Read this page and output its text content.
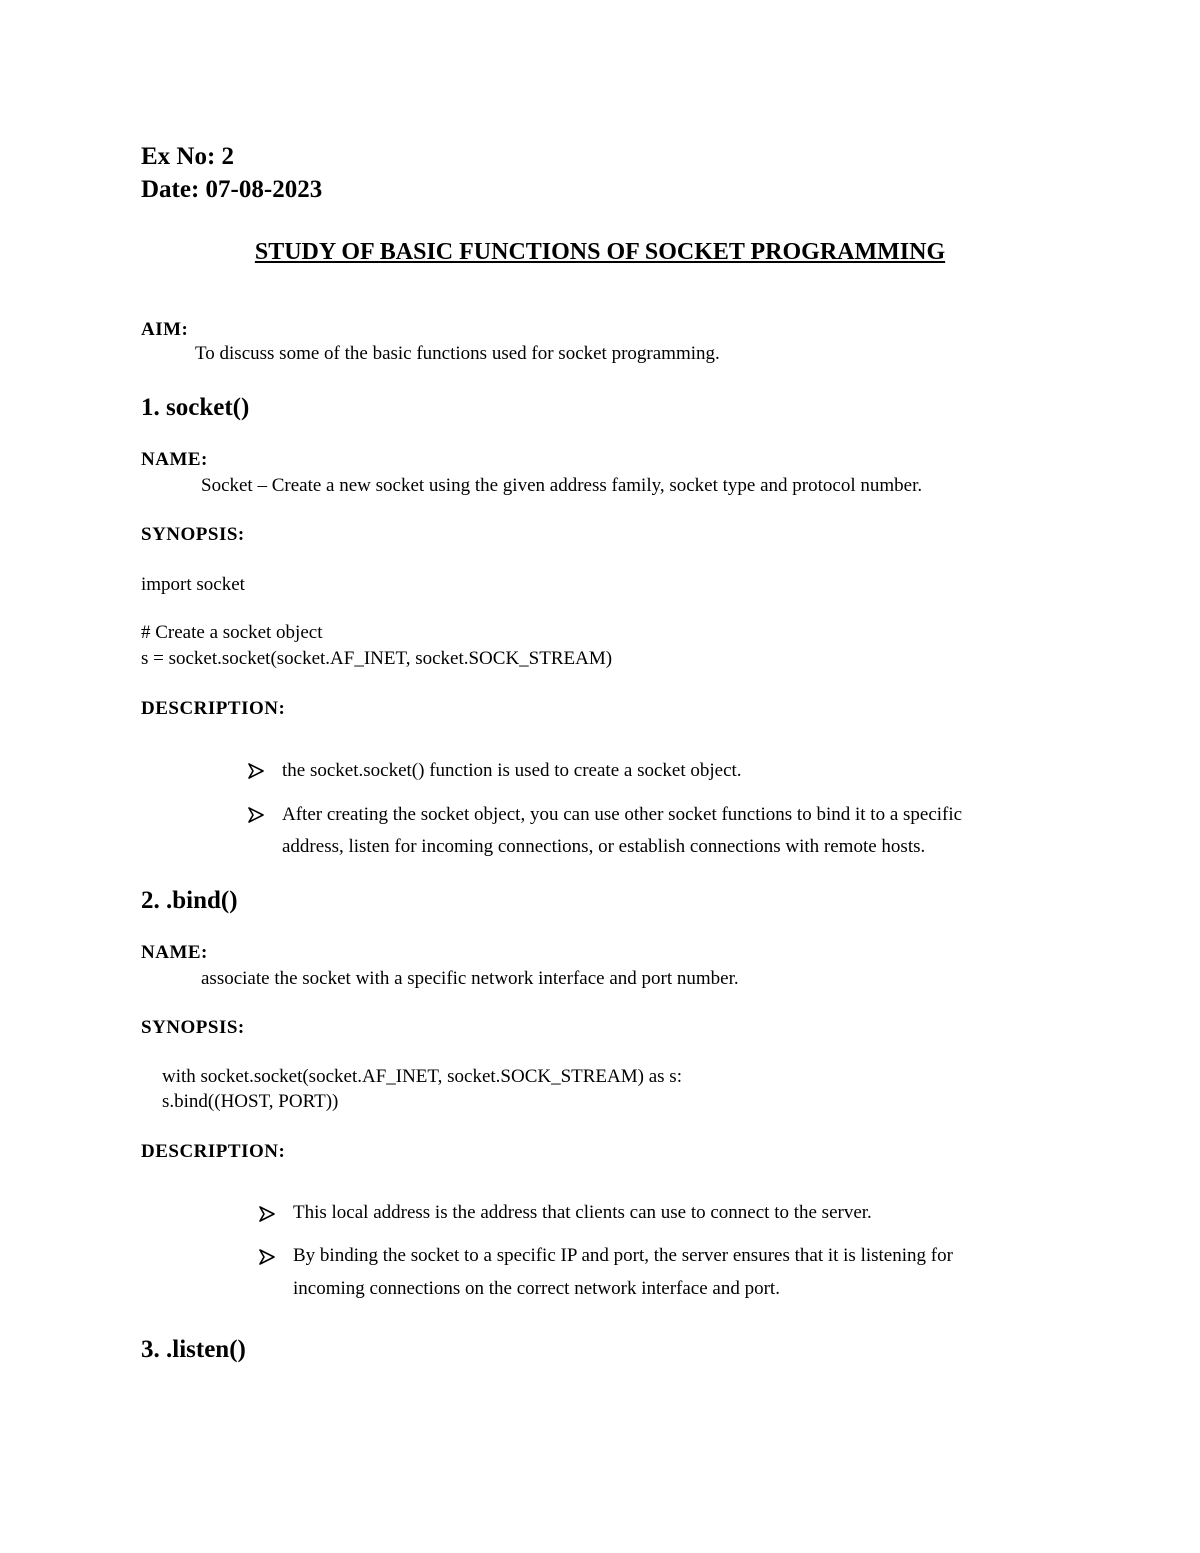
Ex No: 2
Date: 07-08-2023
STUDY OF BASIC FUNCTIONS OF SOCKET PROGRAMMING
AIM:
To discuss some of the basic functions used for socket programming.
1. socket()
NAME:
Socket – Create a new socket using the given address family, socket type and protocol number.
SYNOPSIS:
import socket
# Create a socket object
s = socket.socket(socket.AF_INET, socket.SOCK_STREAM)
DESCRIPTION:
the socket.socket() function is used to create a socket object.
After creating the socket object, you can use other socket functions to bind it to a specific
address, listen for incoming connections, or establish connections with remote hosts.
2. .bind()
NAME:
associate the socket with a specific network interface and port number.
SYNOPSIS:
with socket.socket(socket.AF_INET, socket.SOCK_STREAM) as s:
s.bind((HOST, PORT))
DESCRIPTION:
This local address is the address that clients can use to connect to the server.
By binding the socket to a specific IP and port, the server ensures that it is listening for
incoming connections on the correct network interface and port.
3. .listen()
